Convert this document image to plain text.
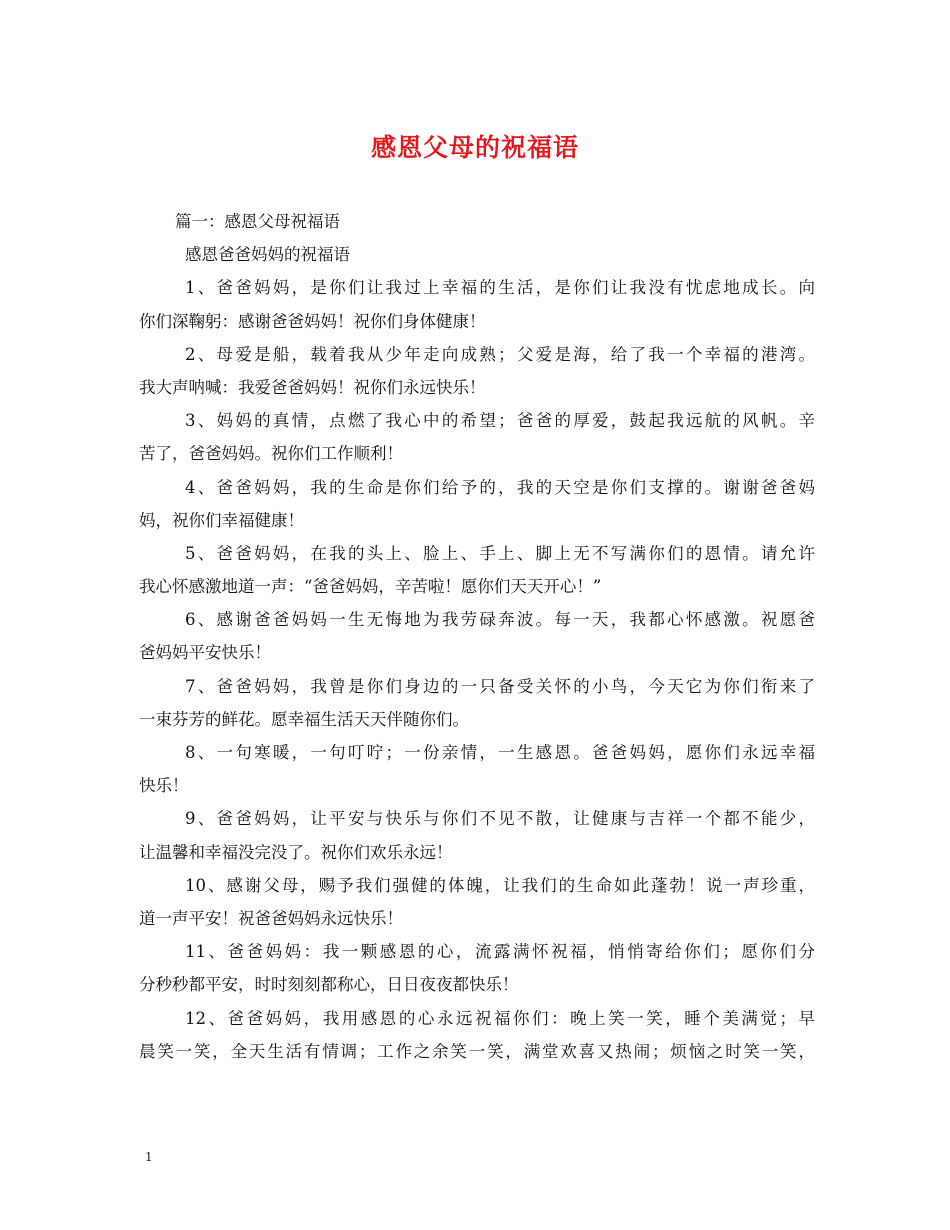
感恩父母的祝福语
篇一：感恩父母祝福语
感恩爸爸妈妈的祝福语
1、爸爸妈妈，是你们让我过上幸福的生活，是你们让我没有忧虑地成长。向
你们深鞠躬：感谢爸爸妈妈！祝你们身体健康！
2、母爱是船，载着我从少年走向成熟；父爱是海，给了我一个幸福的港湾。
我大声呐喊：我爱爸爸妈妈！祝你们永远快乐！
3、妈妈的真情，点燃了我心中的希望；爸爸的厚爱，鼓起我远航的风帆。辛
苦了，爸爸妈妈。祝你们工作顺利！
4、爸爸妈妈，我的生命是你们给予的，我的天空是你们支撑的。谢谢爸爸妈
妈，祝你们幸福健康！
5、爸爸妈妈，在我的头上、脸上、手上、脚上无不写满你们的恩情。请允许
我心怀感激地道一声：“爸爸妈妈，辛苦啦！愿你们天天开心！”
6、感谢爸爸妈妈一生无悔地为我劳碌奔波。每一天，我都心怀感激。祝愿爸
爸妈妈平安快乐！
7、爸爸妈妈，我曾是你们身边的一只备受关怀的小鸟，今天它为你们衔来了
一束芬芳的鲜花。愿幸福生活天天伴随你们。
8、一句寒暖，一句叮咛；一份亲情，一生感恩。爸爸妈妈，愿你们永远幸福
快乐！
9、爸爸妈妈，让平安与快乐与你们不见不散，让健康与吉祥一个都不能少，
让温馨和幸福没完没了。祝你们欢乐永远！
10、感谢父母，赐予我们强健的体魄，让我们的生命如此蓬勃！说一声珍重，
道一声平安！祝爸爸妈妈永远快乐！
11、爸爸妈妈：我一颗感恩的心，流露满怀祝福，悄悄寄给你们；愿你们分
分秒秒都平安，时时刻刻都称心，日日夜夜都快乐！
12、爸爸妈妈，我用感恩的心永远祝福你们：晚上笑一笑，睡个美满觉；早
晨笑一笑，全天生活有情调；工作之余笑一笑，满堂欢喜又热闹；烦恼之时笑一笑，
1
